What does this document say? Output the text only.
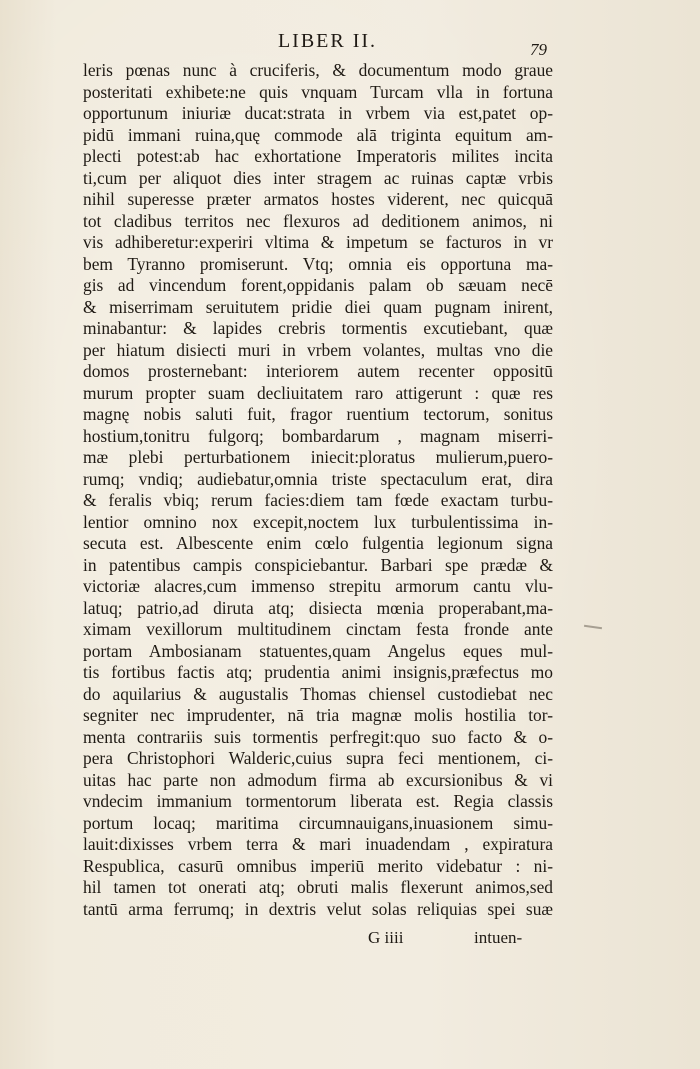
LIBER II.	79
leris pœnas nunc à cruciferis, & documentum modo graue
posteritati exhibete:ne quis vnquam Turcam vlla in fortuna
opportunum iniuriæ ducat:strata in vrbem via est,patet op-
pidū immani ruina,quę commode alā triginta equitum am-
plecti potest:ab hac exhortatione Imperatoris milites incita
ti,cum per aliquot dies inter stragem ac ruinas captæ vrbis
nihil superesse præter armatos hostes viderent, nec quicquā
tot cladibus territos nec flexuros ad deditionem animos, ni
vis adhiberetur:experiri vltima & impetum se facturos in vr
bem Tyranno promiserunt. Vtq; omnia eis opportuna ma-
gis ad vincendum forent,oppidanis palam ob sæuam necē
& miserrimam seruitutem pridie diei quam pugnam inirent,
minabantur: & lapides crebris tormentis excutiebant, quæ
per hiatum disiecti muri in vrbem volantes, multas vno die
domos prosternebant: interiorem autem recenter oppositū
murum propter suam decliuitatem raro attigerunt : quæ res
magnę nobis saluti fuit, fragor ruentium tectorum, sonitus
hostium,tonitru fulgorq; bombardarum , magnam miserri-
mæ plebi perturbationem iniecit:ploratus mulierum,puero-
rumq; vndiq; audiebatur,omnia triste spectaculum erat, dira
& feralis vbiq; rerum facies:diem tam fœde exactam turbu-
lentior omnino nox excepit,noctem lux turbulentissima in-
secuta est. Albescente enim cœlo fulgentia legionum signa
in patentibus campis conspiciebantur. Barbari spe prædæ &
victoriæ alacres,cum immenso strepitu armorum cantu vlu-
latuq; patrio,ad diruta atq; disiecta mœnia properabant,ma-
ximam vexillorum multitudinem cinctam festa fronde ante
portam Ambosianam statuentes,quam Angelus eques mul-
tis fortibus factis atq; prudentia animi insignis,præfectus mo
do aquilarius & augustalis Thomas chiensel custodiebat nec
segniter nec imprudenter, nā tria magnæ molis hostilia tor-
menta contrariis suis tormentis perfregit:quo suo facto & o-
pera Christophori Walderic,cuius supra feci mentionem, ci-
uitas hac parte non admodum firma ab excursionibus & vi
vndecim immanium tormentorum liberata est. Regia classis
portum locaq; maritima circumnauigans,inuasionem simu-
lauit:dixisses vrbem terra & mari inuadendam , expiratura
Respublica, casurū omnibus imperiū merito videbatur : ni-
hil tamen tot onerati atq; obruti malis flexerunt animos,sed
tantū arma ferrumq; in dextris velut solas reliquias spei suæ
G iiii	intuen-
